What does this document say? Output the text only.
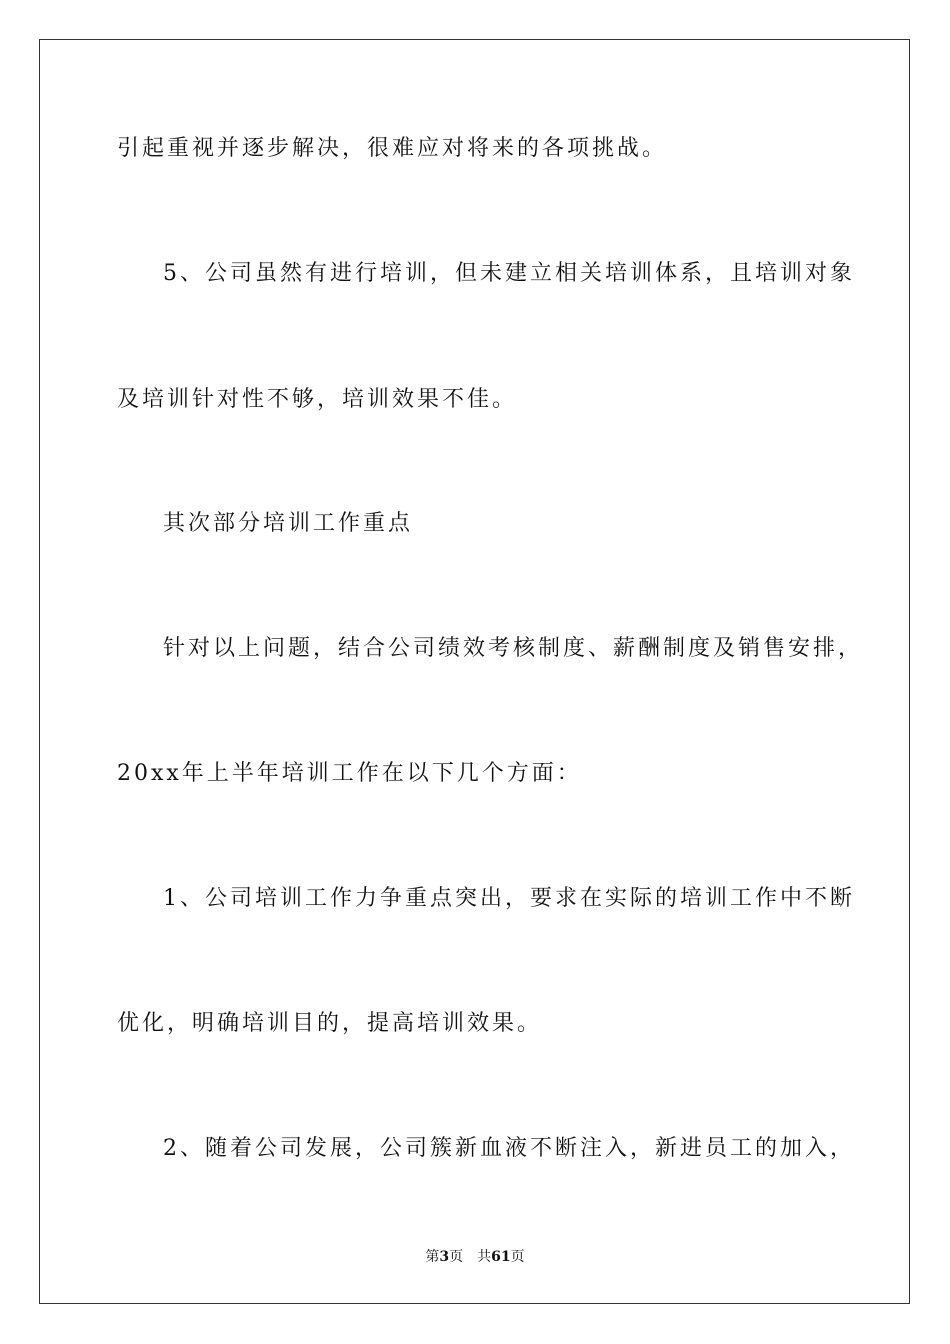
引起重视并逐步解决，很难应对将来的各项挑战。
5、公司虽然有进行培训，但未建立相关培训体系，且培训对象
及培训针对性不够，培训效果不佳。
其次部分培训工作重点
针对以上问题，结合公司绩效考核制度、薪酬制度及销售安排，
20xx年上半年培训工作在以下几个方面：
1、公司培训工作力争重点突出，要求在实际的培训工作中不断
优化，明确培训目的，提高培训效果。
2、随着公司发展，公司簇新血液不断注入，新进员工的加入，
第3页 共61页
